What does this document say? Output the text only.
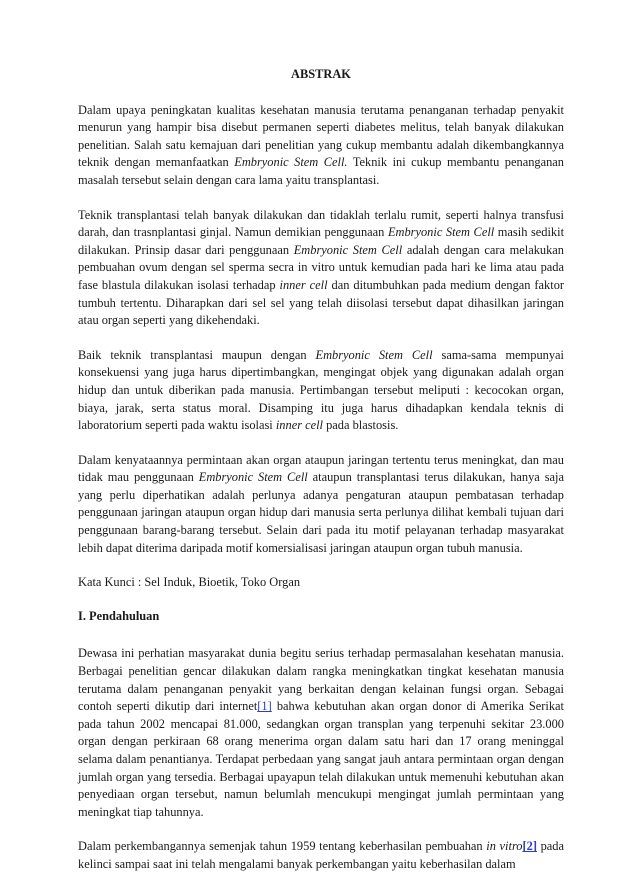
ABSTRAK

Dalam upaya peningkatan kualitas kesehatan manusia terutama penanganan terhadap penyakit menurun yang hampir bisa disebut permanen seperti diabetes melitus, telah banyak dilakukan penelitian. Salah satu kemajuan dari penelitian yang cukup membantu adalah dikembangkannya teknik dengan memanfaatkan Embryonic Stem Cell. Teknik ini cukup membantu penanganan masalah tersebut selain dengan cara lama yaitu transplantasi.

Teknik transplantasi telah banyak dilakukan dan tidaklah terlalu rumit, seperti halnya transfusi darah, dan trasnplantasi ginjal. Namun demikian penggunaan Embryonic Stem Cell masih sedikit dilakukan. Prinsip dasar dari penggunaan Embryonic Stem Cell adalah dengan cara melakukan pembuahan ovum dengan sel sperma secra in vitro untuk kemudian pada hari ke lima atau pada fase blastula dilakukan isolasi terhadap inner cell dan ditumbuhkan pada medium dengan faktor tumbuh tertentu. Diharapkan dari sel sel yang telah diisolasi tersebut dapat dihasilkan jaringan atau organ seperti yang dikehendaki.

Baik teknik transplantasi maupun dengan Embryonic Stem Cell sama-sama mempunyai konsekuensi yang juga harus dipertimbangkan, mengingat objek yang digunakan adalah organ hidup dan untuk diberikan pada manusia. Pertimbangan tersebut meliputi : kecocokan organ, biaya, jarak, serta status moral. Disamping itu juga harus dihadapkan kendala teknis di laboratorium seperti pada waktu isolasi inner cell pada blastosis.

Dalam kenyataannya permintaan akan organ ataupun jaringan tertentu terus meningkat, dan mau tidak mau penggunaan Embryonic Stem Cell ataupun transplantasi terus dilakukan, hanya saja yang perlu diperhatikan adalah perlunya adanya pengaturan ataupun pembatasan terhadap penggunaan jaringan ataupun organ hidup dari manusia serta perlunya dilihat kembali tujuan dari penggunaan barang-barang tersebut. Selain dari pada itu motif pelayanan terhadap masyarakat lebih dapat diterima daripada motif komersialisasi jaringan ataupun organ tubuh manusia.

Kata Kunci : Sel Induk, Bioetik, Toko Organ

I. Pendahuluan

Dewasa ini perhatian masyarakat dunia begitu serius terhadap permasalahan kesehatan manusia. Berbagai penelitian gencar dilakukan dalam rangka meningkatkan tingkat kesehatan manusia terutama dalam penanganan penyakit yang berkaitan dengan kelainan fungsi organ. Sebagai contoh seperti dikutip dari internet[1] bahwa kebutuhan akan organ donor di Amerika Serikat pada tahun 2002 mencapai 81.000, sedangkan organ transplan yang terpenuhi sekitar 23.000 organ dengan perkiraan 68 orang menerima organ dalam satu hari dan 17 orang meninggal selama dalam penantianya. Terdapat perbedaan yang sangat jauh antara permintaan organ dengan jumlah organ yang tersedia. Berbagai upayapun telah dilakukan untuk memenuhi kebutuhan akan penyediaan organ tersebut, namun belumlah mencukupi mengingat jumlah permintaan yang meningkat tiap tahunnya.

Dalam perkembangannya semenjak tahun 1959 tentang keberhasilan pembuahan in vitro[2] pada kelinci sampai saat ini telah mengalami banyak perkembangan yaitu keberhasilan dalam
